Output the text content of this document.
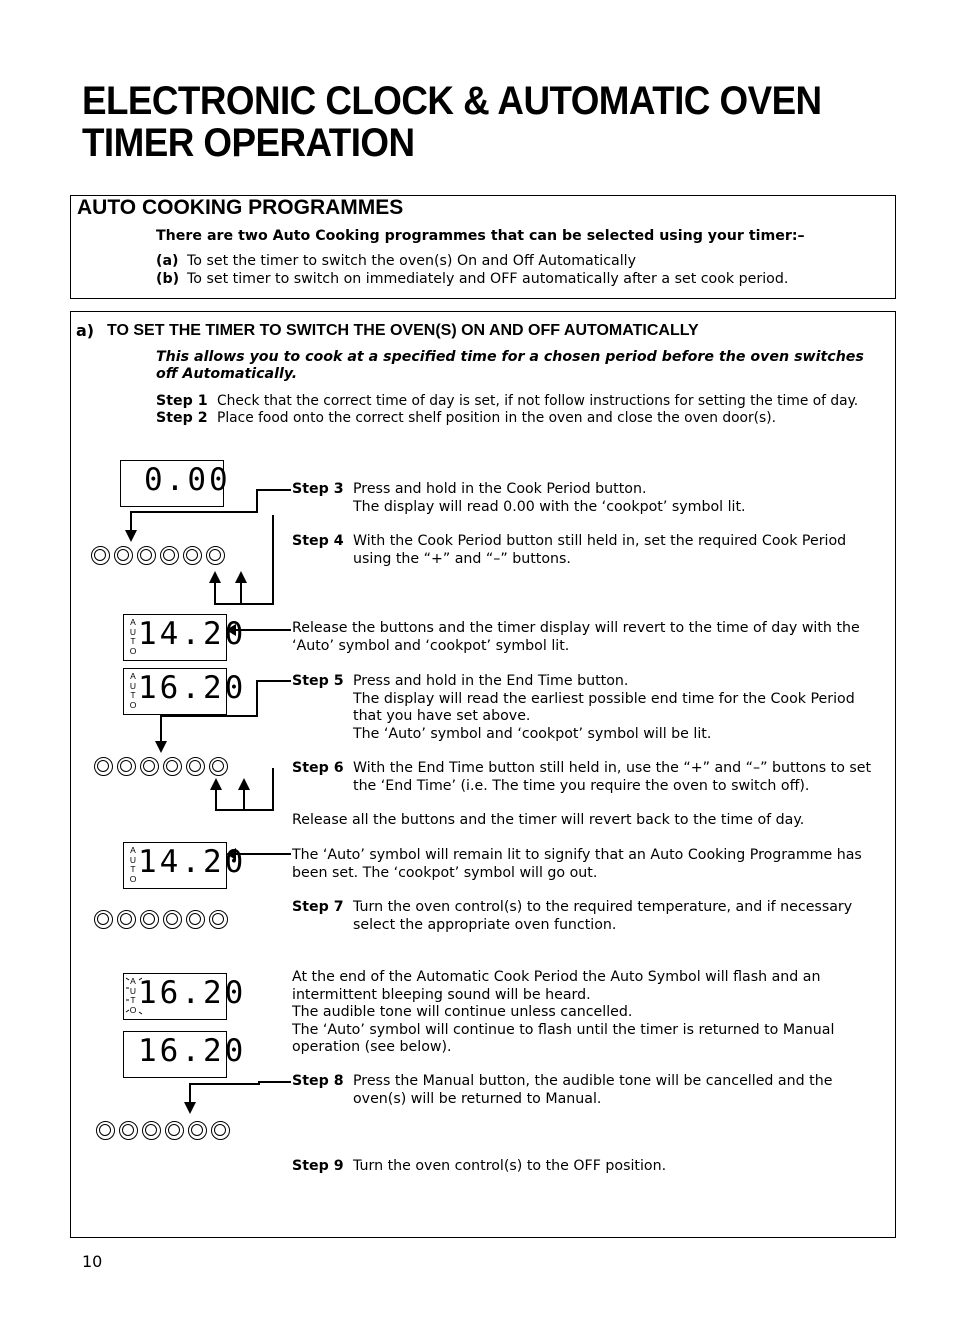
ELECTRONIC CLOCK & AUTOMATIC OVEN
TIMER OPERATION
AUTO COOKING PROGRAMMES
There are two Auto Cooking programmes that can be selected using your timer:–
(a) To set the timer to switch the oven(s) On and Off Automatically
(b) To set timer to switch on immediately and OFF automatically after a set cook period.
a) TO SET THE TIMER TO SWITCH THE OVEN(S) ON AND OFF AUTOMATICALLY
This allows you to cook at a specified time for a chosen period before the oven switches
off Automatically.
Step 1 Check that the correct time of day is set, if not follow instructions for setting the time of day.
Step 2 Place food onto the correct shelf position in the oven and close the oven door(s).
0.00	Step 3 Press and hold in the Cook Period button.
The display will read 0.00 with the ‘cookpot’ symbol lit.
Step 4 With the Cook Period button still held in, set the required Cook Period
using the “+” and “–” buttons.
A
U
T
O 14.20	Release the buttons and the timer display will revert to the time of day with the
‘Auto’ symbol and ‘cookpot’ symbol lit.
A
U
T
O 16.20	Step 5 Press and hold in the End Time button.
The display will read the earliest possible end time for the Cook Period
that you have set above.
The ‘Auto’ symbol and ‘cookpot’ symbol will be lit.
Step 6 With the End Time button still held in, use the “+” and “–” buttons to set
the ‘End Time’ (i.e. The time you require the oven to switch off).
Release all the buttons and the timer will revert back to the time of day.
A
U
T
O 14.20	The ‘Auto’ symbol will remain lit to signify that an Auto Cooking Programme has
been set. The ‘cookpot’ symbol will go out.
Step 7 Turn the oven control(s) to the required temperature, and if necessary
select the appropriate oven function.
A
U
T
O 16.20	At the end of the Automatic Cook Period the Auto Symbol will flash and an
intermittent bleeping sound will be heard.
The audible tone will continue unless cancelled.
The ‘Auto’ symbol will continue to flash until the timer is returned to Manual
operation (see below).
16.20
Step 8 Press the Manual button, the audible tone will be cancelled and the
oven(s) will be returned to Manual.
Step 9 Turn the oven control(s) to the OFF position.
10
